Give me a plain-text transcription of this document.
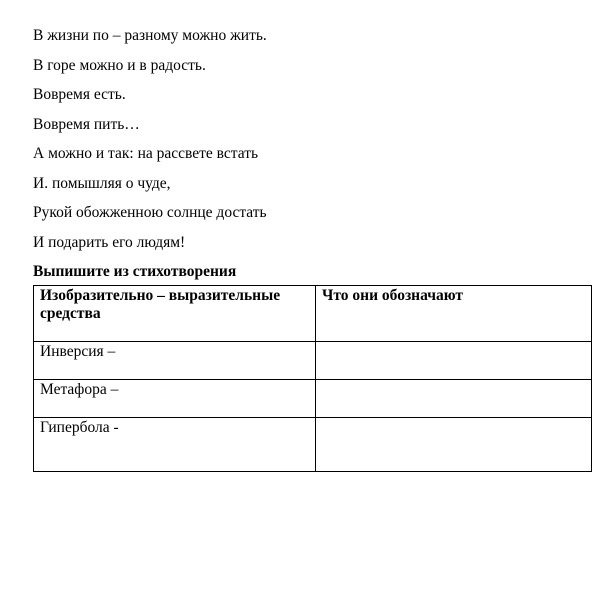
В жизни по – разному можно жить.
В горе можно и в радость.
Вовремя есть.
Вовремя пить…
А можно и так: на рассвете встать
И. помышляя о чуде,
Рукой обожженною солнце достать
И подарить его людям!
Выпишите из стихотворения
Изобразительно – выразительные средства	Что они обозначают
Инверсия –	
Метафора –	
Гипербола -	
